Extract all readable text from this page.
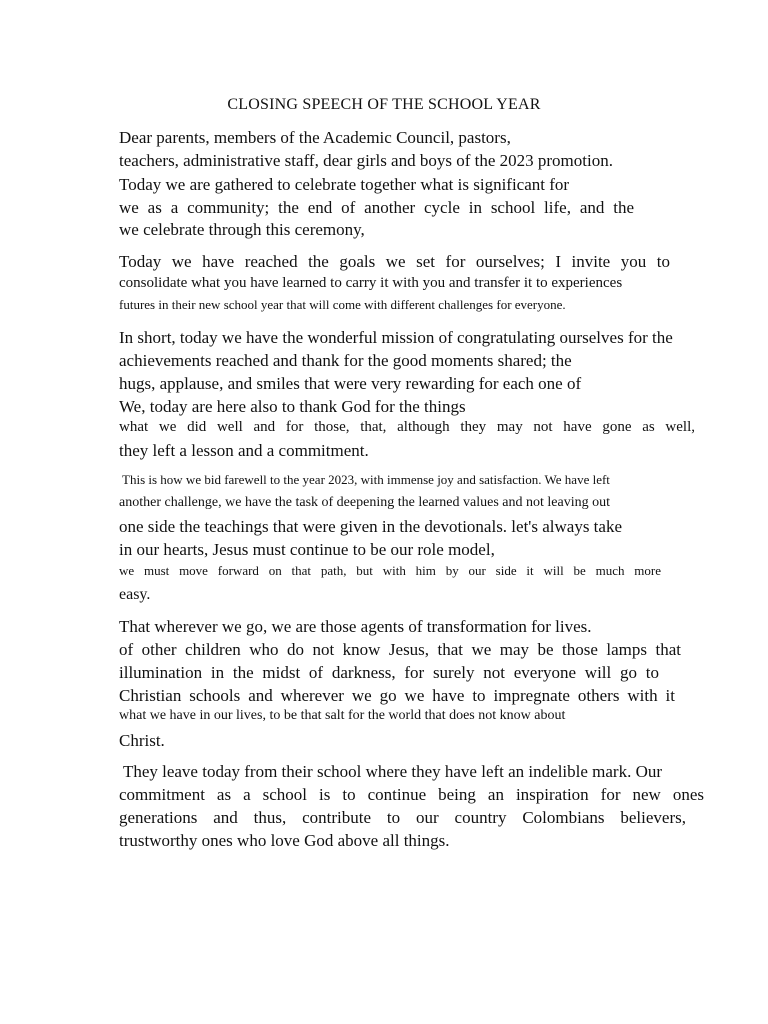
CLOSING SPEECH OF THE SCHOOL YEAR
Dear parents, members of the Academic Council, pastors,
teachers, administrative staff, dear girls and boys of the 2023 promotion.
Today we are gathered to celebrate together what is significant for
we as a community; the end of another cycle in school life, and the
we celebrate through this ceremony,
Today we have reached the goals we set for ourselves; I invite you to
consolidate what you have learned to carry it with you and transfer it to experiences
futures in their new school year that will come with different challenges for everyone.
In short, today we have the wonderful mission of congratulating ourselves for the
achievements reached and thank for the good moments shared; the
hugs, applause, and smiles that were very rewarding for each one of
We, today are here also to thank God for the things
what we did well and for those, that, although they may not have gone as well,
they left a lesson and a commitment.
This is how we bid farewell to the year 2023, with immense joy and satisfaction. We have left
another challenge, we have the task of deepening the learned values and not leaving out
one side the teachings that were given in the devotionals. let's always take
in our hearts, Jesus must continue to be our role model,
we must move forward on that path, but with him by our side it will be much more
easy.
That wherever we go, we are those agents of transformation for lives.
of other children who do not know Jesus, that we may be those lamps that
illumination in the midst of darkness, for surely not everyone will go to
Christian schools and wherever we go we have to impregnate others with it
what we have in our lives, to be that salt for the world that does not know about
Christ.
They leave today from their school where they have left an indelible mark. Our
commitment as a school is to continue being an inspiration for new ones
generations and thus, contribute to our country Colombians believers,
trustworthy ones who love God above all things.
